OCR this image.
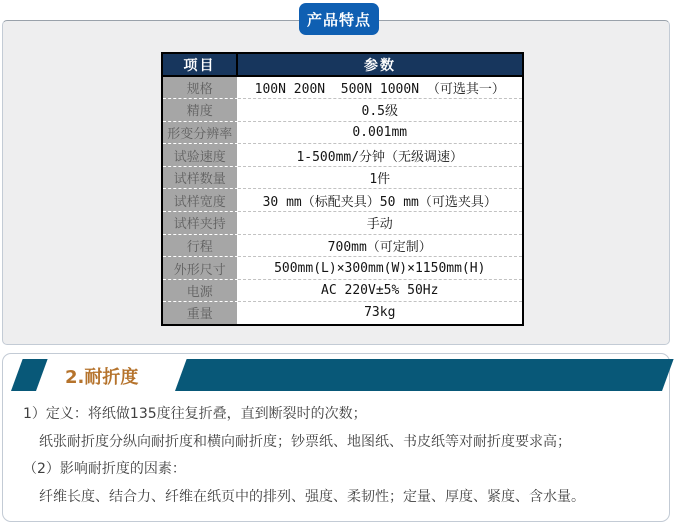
产品特点
项目	参数
规格	100N 200N  500N 1000N （可选其一）
精度	0.5级
形变分辨率	0.001mm
试验速度	1-500mm/分钟（无级调速）
试样数量	1件
试样宽度	30 mm（标配夹具）50 mm（可选夹具）
试样夹持	手动
行程	700mm（可定制）
外形尺寸	500mm(L)×300mm(W)×1150mm(H)
电源	AC 220V±5% 50Hz
重量	73kg
2.耐折度
1）定义：将纸做135度往复折叠，直到断裂时的次数；
纸张耐折度分纵向耐折度和横向耐折度；钞票纸、地图纸、书皮纸等对耐折度要求高；
（2）影响耐折度的因素：
纤维长度、结合力、纤维在纸页中的排列、强度、柔韧性；定量、厚度、紧度、含水量。
